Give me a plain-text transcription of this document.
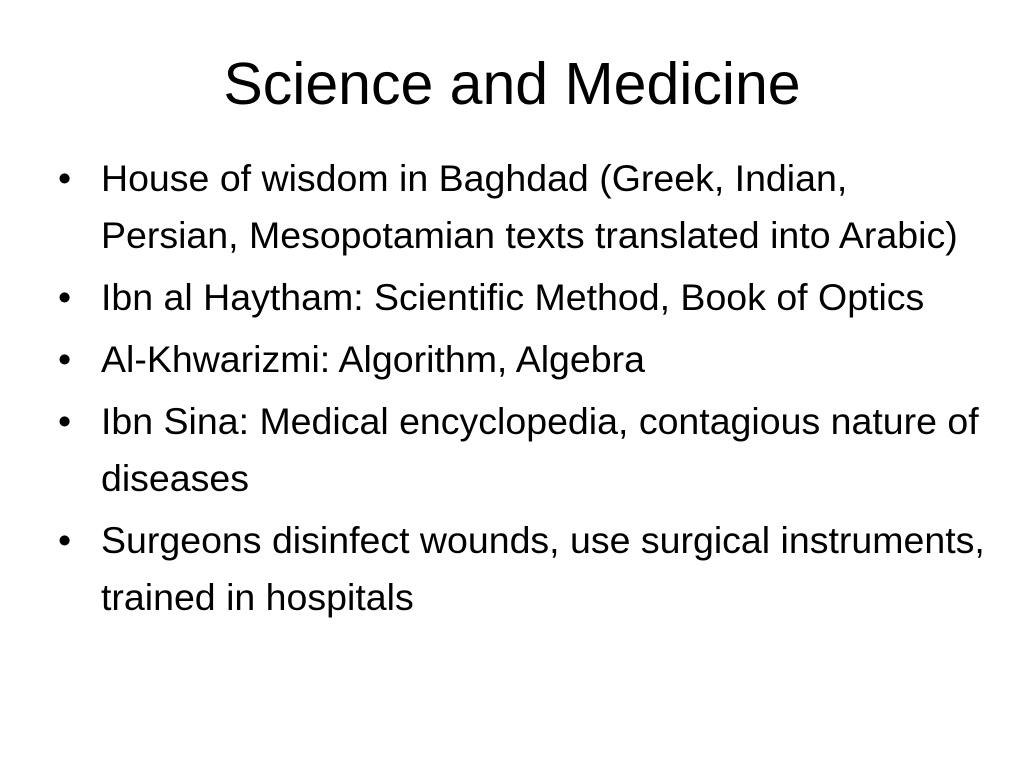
Science and Medicine
• House of wisdom in Baghdad (Greek, Indian, Persian, Mesopotamian texts translated into Arabic)
• Ibn al Haytham: Scientific Method, Book of Optics
• Al-Khwarizmi: Algorithm, Algebra
• Ibn Sina: Medical encyclopedia, contagious nature of diseases
• Surgeons disinfect wounds, use surgical instruments, trained in hospitals
